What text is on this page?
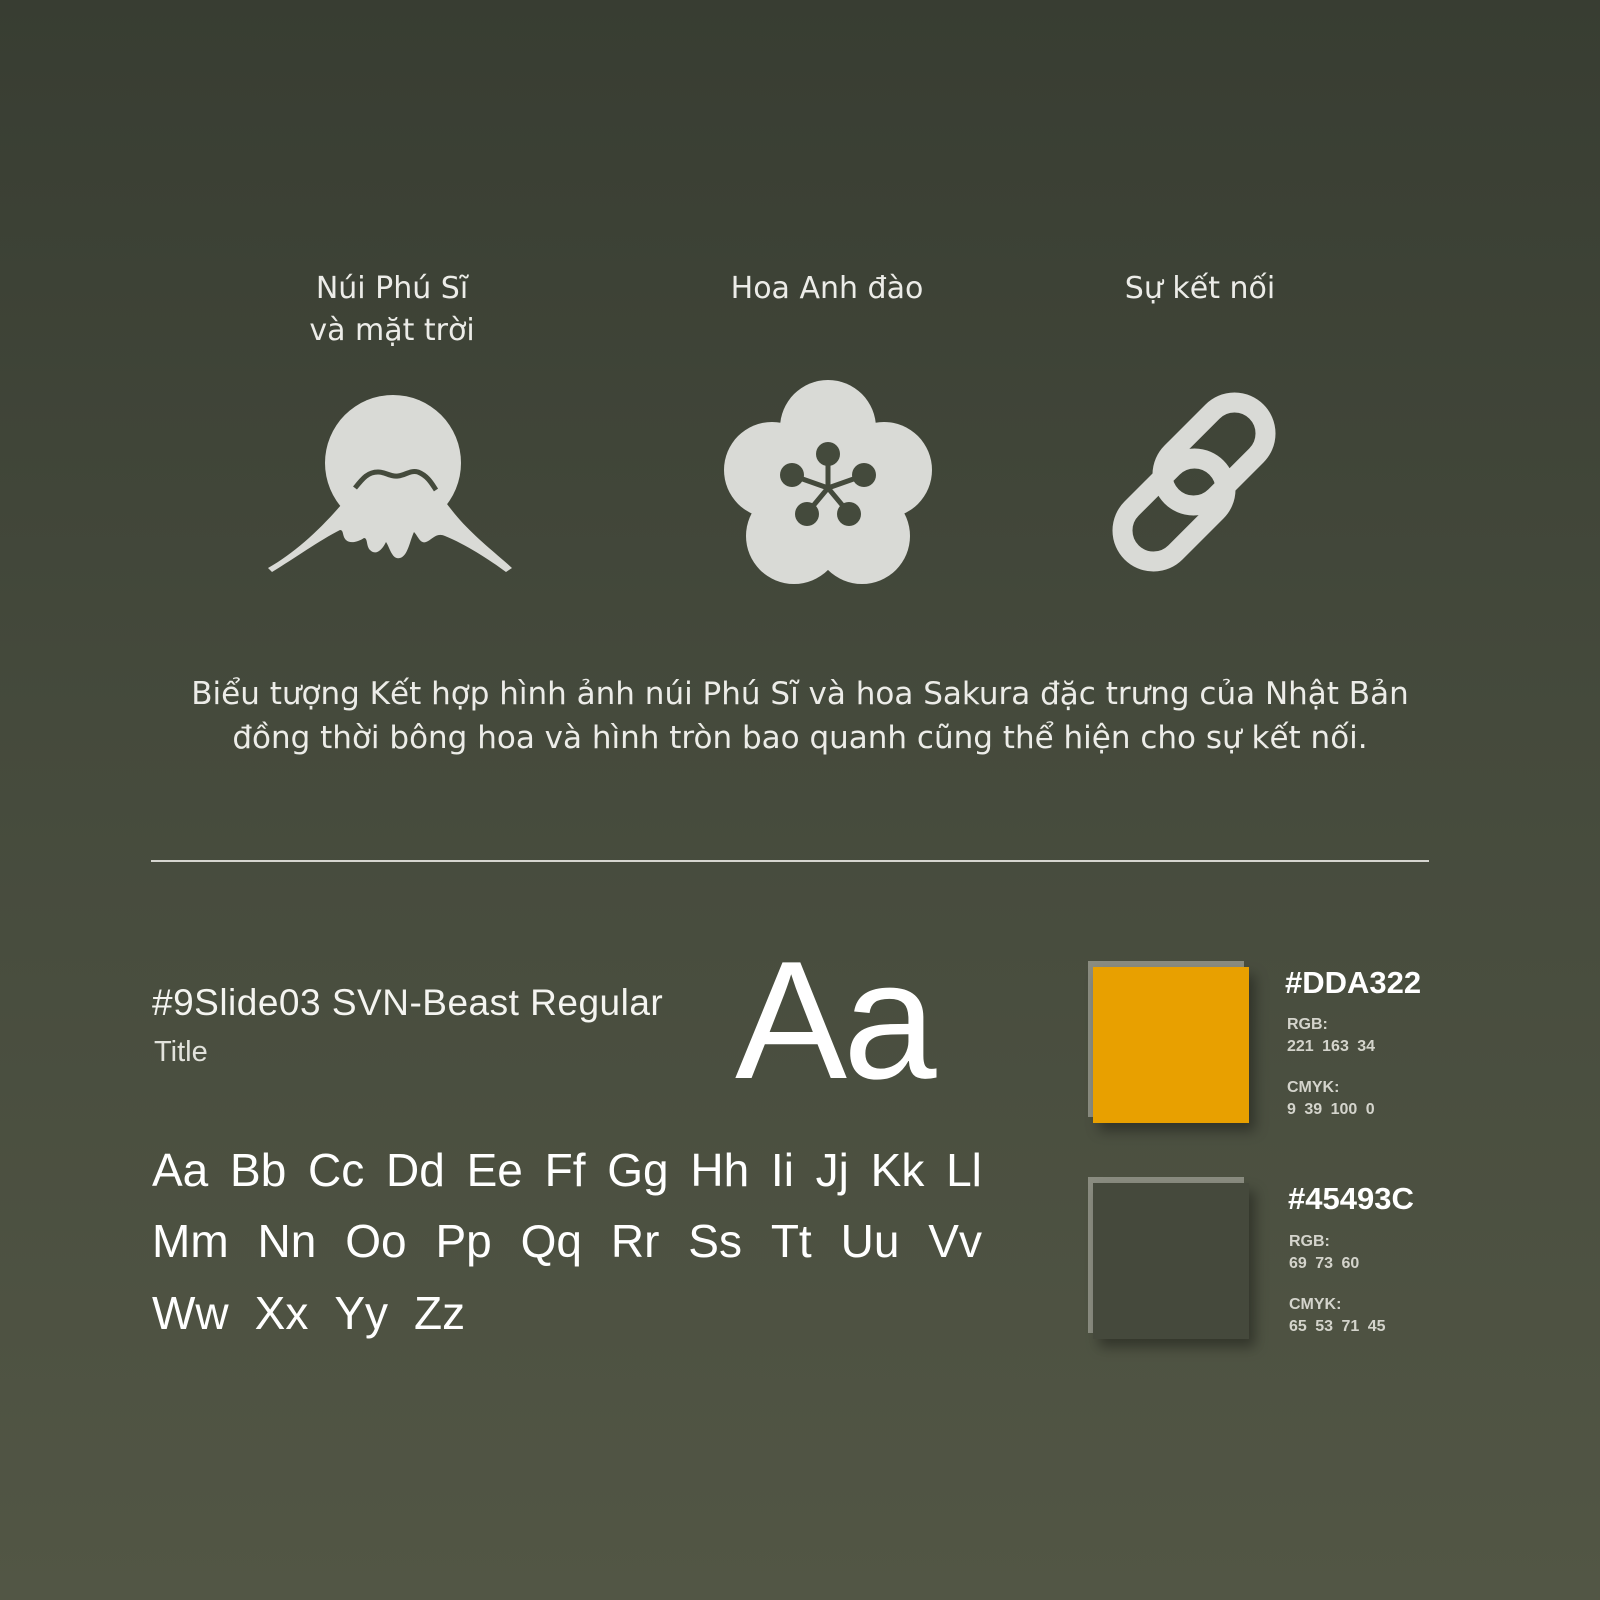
Núi Phú Sĩ
và mặt trời
Hoa Anh đào	Sự kết nối
Biểu tượng Kết hợp hình ảnh núi Phú Sĩ và hoa Sakura đặc trưng của Nhật Bản
đồng thời bông hoa và hình tròn bao quanh cũng thể hiện cho sự kết nối.
#9Slide03 SVN-Beast Regular
Title	Aa
Aa Bb Cc Dd Ee Ff Gg Hh Ii Jj Kk Ll
Mm Nn Oo Pp Qq Rr Ss Tt Uu Vv
Ww Xx Yy Zz
#DDA322
RGB:
221 163 34
CMYK:
9 39 100 0
#45493C
RGB:
69 73 60
CMYK:
65 53 71 45
